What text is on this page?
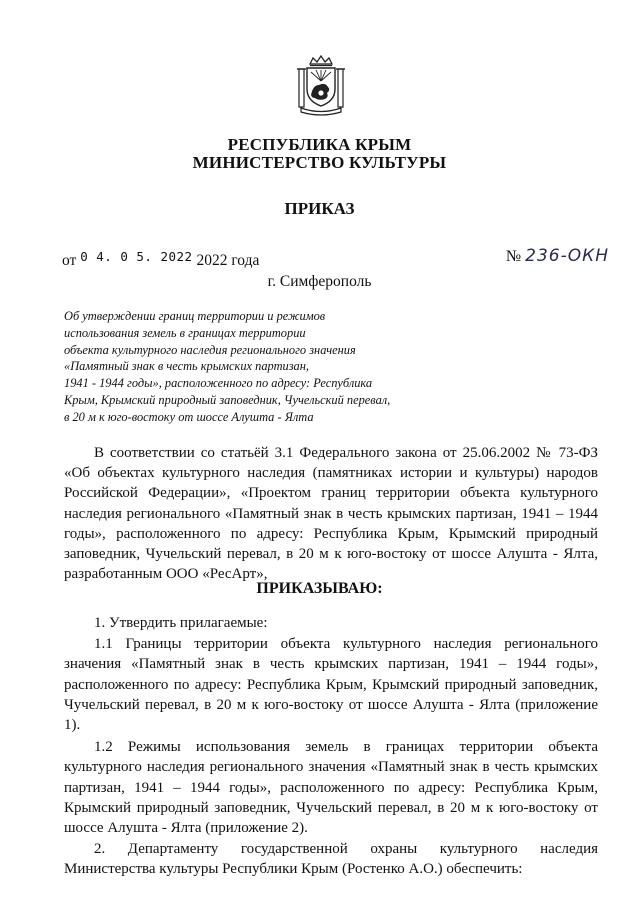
РЕСПУБЛИКА КРЫМ
МИНИСТЕРСТВО КУЛЬТУРЫ
ПРИКАЗ
от $^{0 4. 0 5. 2022}$ 2022 года	№ 236-ОКН
г. Симферополь
Об утверждении границ территории и режимов
использования земель в границах территории
объекта культурного наследия регионального значения
«Памятный знак в честь крымских партизан,
1941 - 1944 годы», расположенного по адресу: Республика
Крым, Крымский природный заповедник, Чучельский перевал,
в 20 м к юго-востоку от шоссе Алушта - Ялта
В соответствии со статьёй 3.1 Федерального закона от 25.06.2002 № 73-ФЗ «Об объектах культурного наследия (памятниках истории и культуры) народов Российской Федерации», «Проектом границ территории объекта культурного наследия регионального «Памятный знак в честь крымских партизан, 1941 – 1944 годы», расположенного по адресу: Республика Крым, Крымский природный заповедник, Чучельский перевал, в 20 м к юго-востоку от шоссе Алушта - Ялта, разработанным ООО «РесАрт»,
ПРИКАЗЫВАЮ:

1. Утвердить прилагаемые:

1.1 Границы территории объекта культурного наследия регионального значения «Памятный знак в честь крымских партизан, 1941 – 1944 годы», расположенного по адресу: Республика Крым, Крымский природный заповедник, Чучельский перевал, в 20 м к юго-востоку от шоссе Алушта - Ялта (приложение 1).

1.2 Режимы использования земель в границах территории объекта культурного наследия регионального значения «Памятный знак в честь крымских партизан, 1941 – 1944 годы», расположенного по адресу: Республика Крым, Крымский природный заповедник, Чучельский перевал, в 20 м к юго-востоку от шоссе Алушта - Ялта (приложение 2).

2. Департаменту государственной охраны культурного наследия Министерства культуры Республики Крым (Ростенко А.О.) обеспечить:
